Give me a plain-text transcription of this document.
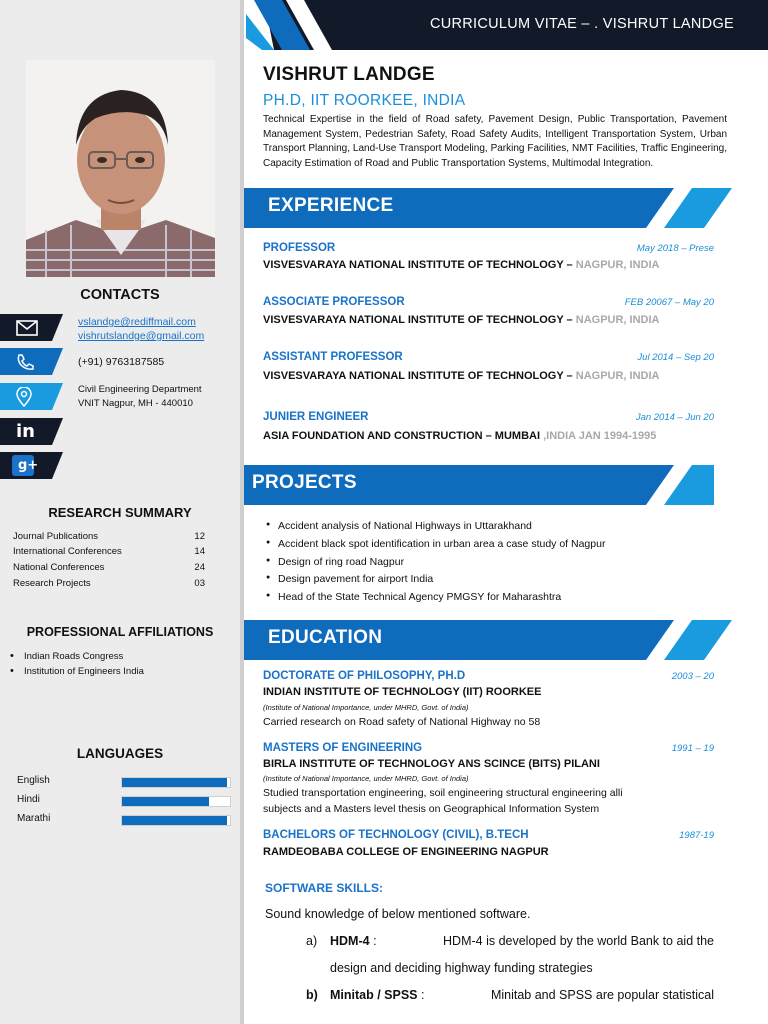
CONTACTS
vslandge@rediffmail.com
vishrutslandge@gmail.com
(+91) 9763187585
Civil Engineering Department
VNIT Nagpur, MH - 440010
in
g+
RESEARCH SUMMARY
Journal Publications	12
International Conferences	14
National Conferences	24
Research Projects	03
PROFESSIONAL AFFILIATIONS
• Indian Roads Congress
• Institution of Engineers India
LANGUAGES
English
Hindi
Marathi
CURRICULUM VITAE – . VISHRUT LANDGE
VISHRUT LANDGE
PH.D, IIT ROORKEE, INDIA
Technical Expertise in the field of Road safety, Pavement Design, Public Transportation, Pavement Management System, Pedestrian Safety, Road Safety Audits, Intelligent Transportation System, Urban Transport Planning, Land-Use Transport Modeling, Parking Facilities, NMT Facilities, Traffic Engineering, Capacity Estimation of Road and Public Transportation Systems, Multimodal Integration.
EXPERIENCE
PROFESSOR	May 2018 – Prese
VISVESVARAYA NATIONAL INSTITUTE OF TECHNOLOGY – NAGPUR, INDIA
ASSOCIATE PROFESSOR	FEB 20067 – May 20
VISVESVARAYA NATIONAL INSTITUTE OF TECHNOLOGY – NAGPUR, INDIA
ASSISTANT PROFESSOR	Jul 2014 – Sep 20
VISVESVARAYA NATIONAL INSTITUTE OF TECHNOLOGY – NAGPUR, INDIA
JUNIER ENGINEER	Jan 2014 – Jun 20
ASIA FOUNDATION AND CONSTRUCTION – MUMBAI ,INDIA JAN 1994-1995
PROJECTS
● Accident analysis of National Highways in Uttarakhand
● Accident black spot identification in urban area a case study of Nagpur
● Design of ring road Nagpur
● Design pavement for airport India
● Head of the State Technical Agency PMGSY for Maharashtra
EDUCATION
DOCTORATE OF PHILOSOPHY, PH.D	2003 – 20
INDIAN INSTITUTE OF TECHNOLOGY (IIT) ROORKEE
(Institute of National Importance, under MHRD, Govt. of India)
Carried research on Road safety of National Highway no 58
MASTERS OF ENGINEERING	1991 – 19
BIRLA INSTITUTE OF TECHNOLOGY ANS SCINCE (BITS) PILANI
(Institute of National Importance, under MHRD, Govt. of India)
Studied transportation engineering, soil engineering structural engineering alli
subjects and a Masters level thesis on Geographical Information System
BACHELORS OF TECHNOLOGY (CIVIL), B.TECH	1987-19
RAMDEOBABA COLLEGE OF ENGINEERING NAGPUR
SOFTWARE SKILLS:
Sound knowledge of below mentioned software.
a) HDM-4 :	HDM-4 is developed by the world Bank to aid the
design and deciding highway funding strategies
b) Minitab / SPSS :	Minitab and SPSS are popular statistical
